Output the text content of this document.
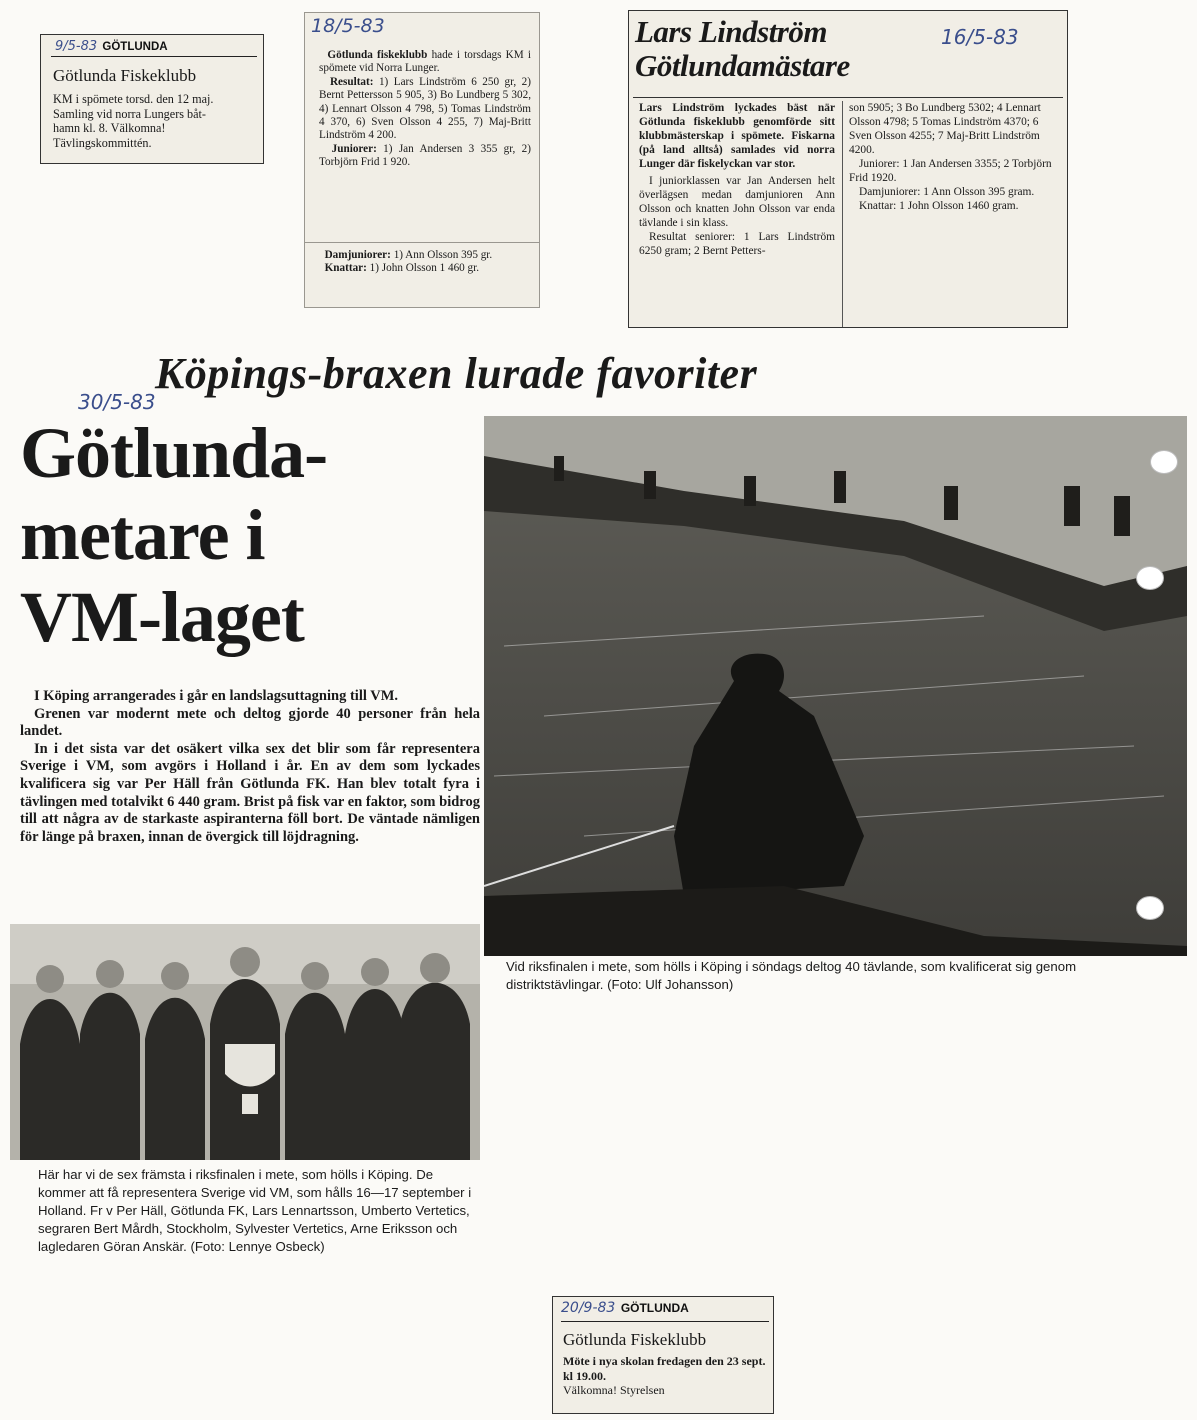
9/5-83 GÖTLUNDA
Götlunda Fiskeklubb
KM i spömete torsd. den 12 maj.
Samling vid norra Lungers båt-
hamn kl. 8. Välkomna!
Tävlingskommittén.
18/5-83

Götlunda fiskeklubb hade i torsdags KM i spömete vid Norra Lunger.

Resultat: 1) Lars Lindström 6 250 gr, 2) Bernt Pettersson 5 905, 3) Bo Lundberg 5 302, 4) Lennart Olsson 4 798, 5) Tomas Lindström 4 370, 6) Sven Olsson 4 255, 7) Maj-Britt Lindström 4 200.

Juniorer: 1) Jan Andersen 3 355 gr, 2) Torbjörn Frid 1 920.

Damjuniorer: 1) Ann Olsson 395 gr.

Knattar: 1) John Olsson 1 460 gr.

Lars Lindström
Götlundamästare
16/5-83

Lars Lindström lyckades bäst när Götlunda fiskeklubb genomförde sitt klubbmästerskap i spömete. Fiskarna (på land alltså) samlades vid norra Lunger där fiskelyckan var stor.

I juniorklassen var Jan Andersen helt överlägsen medan damjunioren Ann Olsson och knatten John Olsson var enda tävlande i sin klass.

Resultat seniorer: 1 Lars Lindström 6250 gram; 2 Bernt Petters-

son 5905; 3 Bo Lundberg 5302; 4 Lennart Olsson 4798; 5 Tomas Lindström 4370; 6 Sven Olsson 4255; 7 Maj-Britt Lindström 4200.

Juniorer: 1 Jan Andersen 3355; 2 Torbjörn Frid 1920.

Damjuniorer: 1 Ann Olsson 395 gram.

Knattar: 1 John Olsson 1460 gram.

Köpings-braxen lurade favoriter
30/5-83
Götlunda-
metare i
VM-laget

I Köping arrangerades i går en landslagsuttagning till VM.

Grenen var modernt mete och deltog gjorde 40 personer från hela landet.

In i det sista var det osäkert vilka sex det blir som får representera Sverige i VM, som avgörs i Holland i år. En av dem som lyckades kvalificera sig var Per Häll från Götlunda FK. Han blev totalt fyra i tävlingen med totalvikt 6 440 gram. Brist på fisk var en faktor, som bidrog till att några av de starkaste aspiranterna föll bort. De väntade nämligen för länge på braxen, innan de övergick till löjdragning.

Vid riksfinalen i mete, som hölls i Köping i söndags deltog 40 tävlande, som kvalificerat sig genom distriktstävlingar. (Foto: Ulf Johansson)
Här har vi de sex främsta i riksfinalen i mete, som hölls i Köping. De kommer att få representera Sverige vid VM, som hålls 16—17 september i Holland. Fr v Per Häll, Götlunda FK, Lars Lennartsson, Umberto Vertetics, segraren Bert Mårdh, Stockholm, Sylvester Vertetics, Arne Eriksson och lagledaren Göran Anskär. (Foto: Lennye Osbeck)
20/9-83 GÖTLUNDA
Götlunda Fiskeklubb
Möte i nya skolan fredagen den 23 sept. kl 19.00.
Välkomna! Styrelsen
